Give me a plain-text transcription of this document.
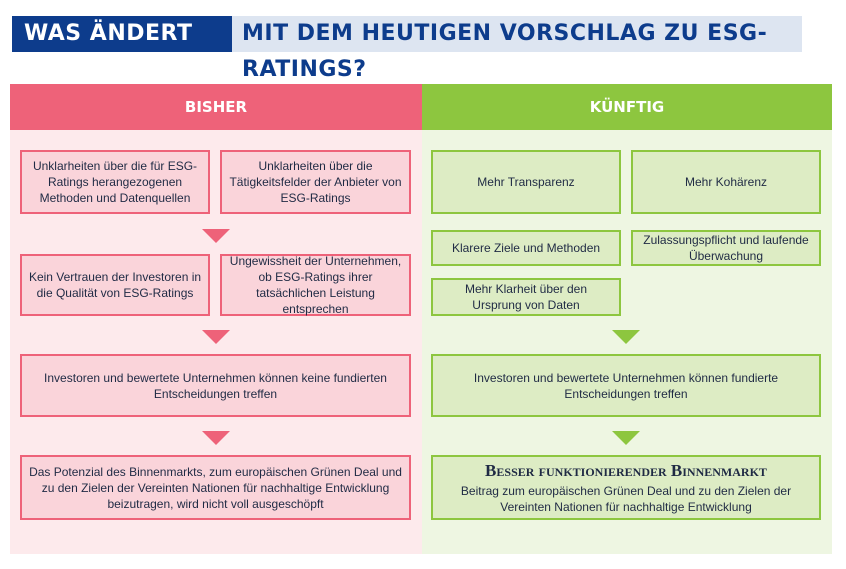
WAS ÄNDERT SICH
MIT DEM HEUTIGEN VORSCHLAG ZU ESG-RATINGS?
BISHER	KÜNFTIG
Unklarheiten über die für ESG-Ratings herangezogenen Methoden und Datenquellen
Unklarheiten über die Tätigkeitsfelder der Anbieter von ESG-Ratings
Kein Vertrauen der Investoren in die Qualität von ESG-Ratings
Ungewissheit der Unternehmen, ob ESG-Ratings ihrer tatsächlichen Leistung entsprechen
Investoren und bewertete Unternehmen können keine fundierten Entscheidungen treffen
Das Potenzial des Binnenmarkts, zum europäischen Grünen Deal und zu den Zielen der Vereinten Nationen für nachhaltige Entwicklung beizutragen, wird nicht voll ausgeschöpft
Mehr Transparenz	Mehr Kohärenz
Klarere Ziele und Methoden
Zulassungspflicht und laufende Überwachung
Mehr Klarheit über den Ursprung von Daten
Investoren und bewertete Unternehmen können fundierte Entscheidungen treffen
Besser funktionierender Binnenmarkt
Beitrag zum europäischen Grünen Deal und zu den Zielen der Vereinten Nationen für nachhaltige Entwicklung
